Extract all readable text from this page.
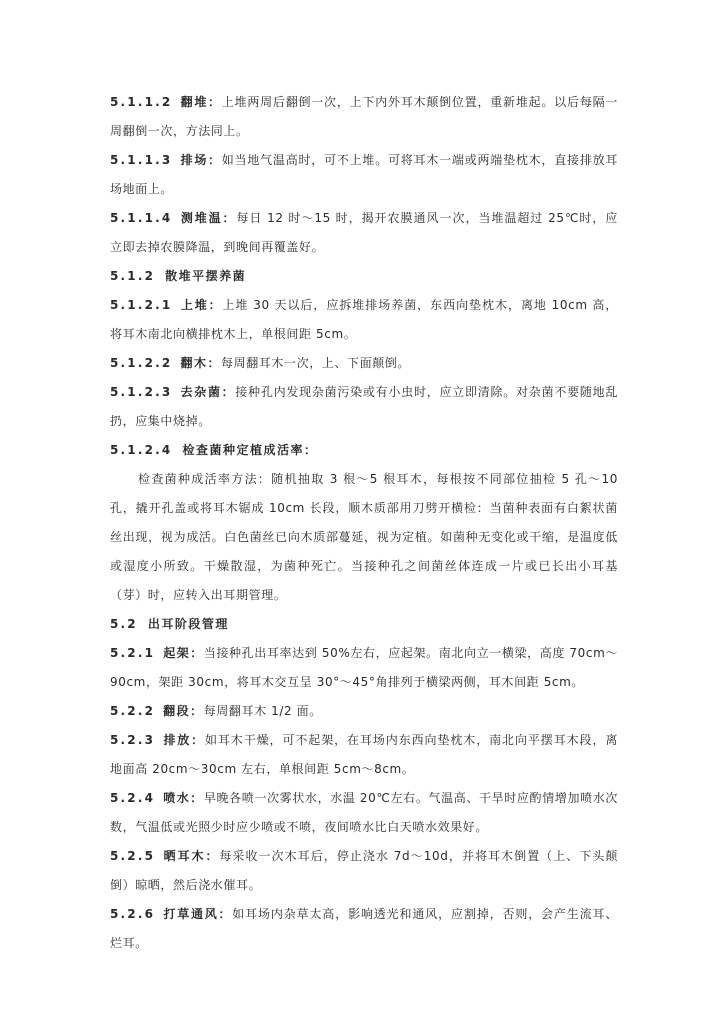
5.1.1.2 翻堆：上堆两周后翻倒一次，上下内外耳木颠倒位置，重新堆起。以后每隔一周翻倒一次，方法同上。

5.1.1.3 排场：如当地气温高时，可不上堆。可将耳木一端或两端垫枕木，直接排放耳场地面上。

5.1.1.4 测堆温：每日 12 时～15 时，揭开农膜通风一次，当堆温超过 25℃时，应立即去掉农膜降温，到晚间再覆盖好。

5.1.2 散堆平摆养菌

5.1.2.1 上堆：上堆 30 天以后，应拆堆排场养菌，东西向垫枕木，离地 10cm 高，将耳木南北向横排枕木上，单根间距 5cm。

5.1.2.2 翻木：每周翻耳木一次，上、下面颠倒。

5.1.2.3 去杂菌：接种孔内发现杂菌污染或有小虫时，应立即清除。对杂菌不要随地乱扔，应集中烧掉。

5.1.2.4 检查菌种定植成活率：

检查菌种成活率方法：随机抽取 3 根～5 根耳木，每根按不同部位抽检 5 孔～10 孔，撬开孔盖或将耳木锯成 10cm 长段，顺木质部用刀劈开横检：当菌种表面有白絮状菌丝出现，视为成活。白色菌丝已向木质部蔓延，视为定植。如菌种无变化或干缩，是温度低或湿度小所致。干燥散湿，为菌种死亡。当接种孔之间菌丝体连成一片或已长出小耳基（芽）时，应转入出耳期管理。

5.2 出耳阶段管理

5.2.1 起架：当接种孔出耳率达到 50%左右，应起架。南北向立一横梁，高度 70cm～90cm，架距 30cm，将耳木交互呈 30°～45°角排列于横梁两侧，耳木间距 5cm。

5.2.2 翻段：每周翻耳木 1/2 面。

5.2.3 排放：如耳木干燥，可不起架，在耳场内东西向垫枕木，南北向平摆耳木段，离地面高 20cm～30cm 左右，单根间距 5cm～8cm。

5.2.4 喷水：早晚各喷一次雾状水，水温 20℃左右。气温高、干旱时应酌情增加喷水次数，气温低或光照少时应少喷或不喷，夜间喷水比白天喷水效果好。

5.2.5 晒耳木：每采收一次木耳后，停止浇水 7d～10d，并将耳木倒置（上、下头颠倒）晾晒，然后浇水催耳。

5.2.6 打草通风：如耳场内杂草太高，影响透光和通风，应割掉，否则，会产生流耳、烂耳。
